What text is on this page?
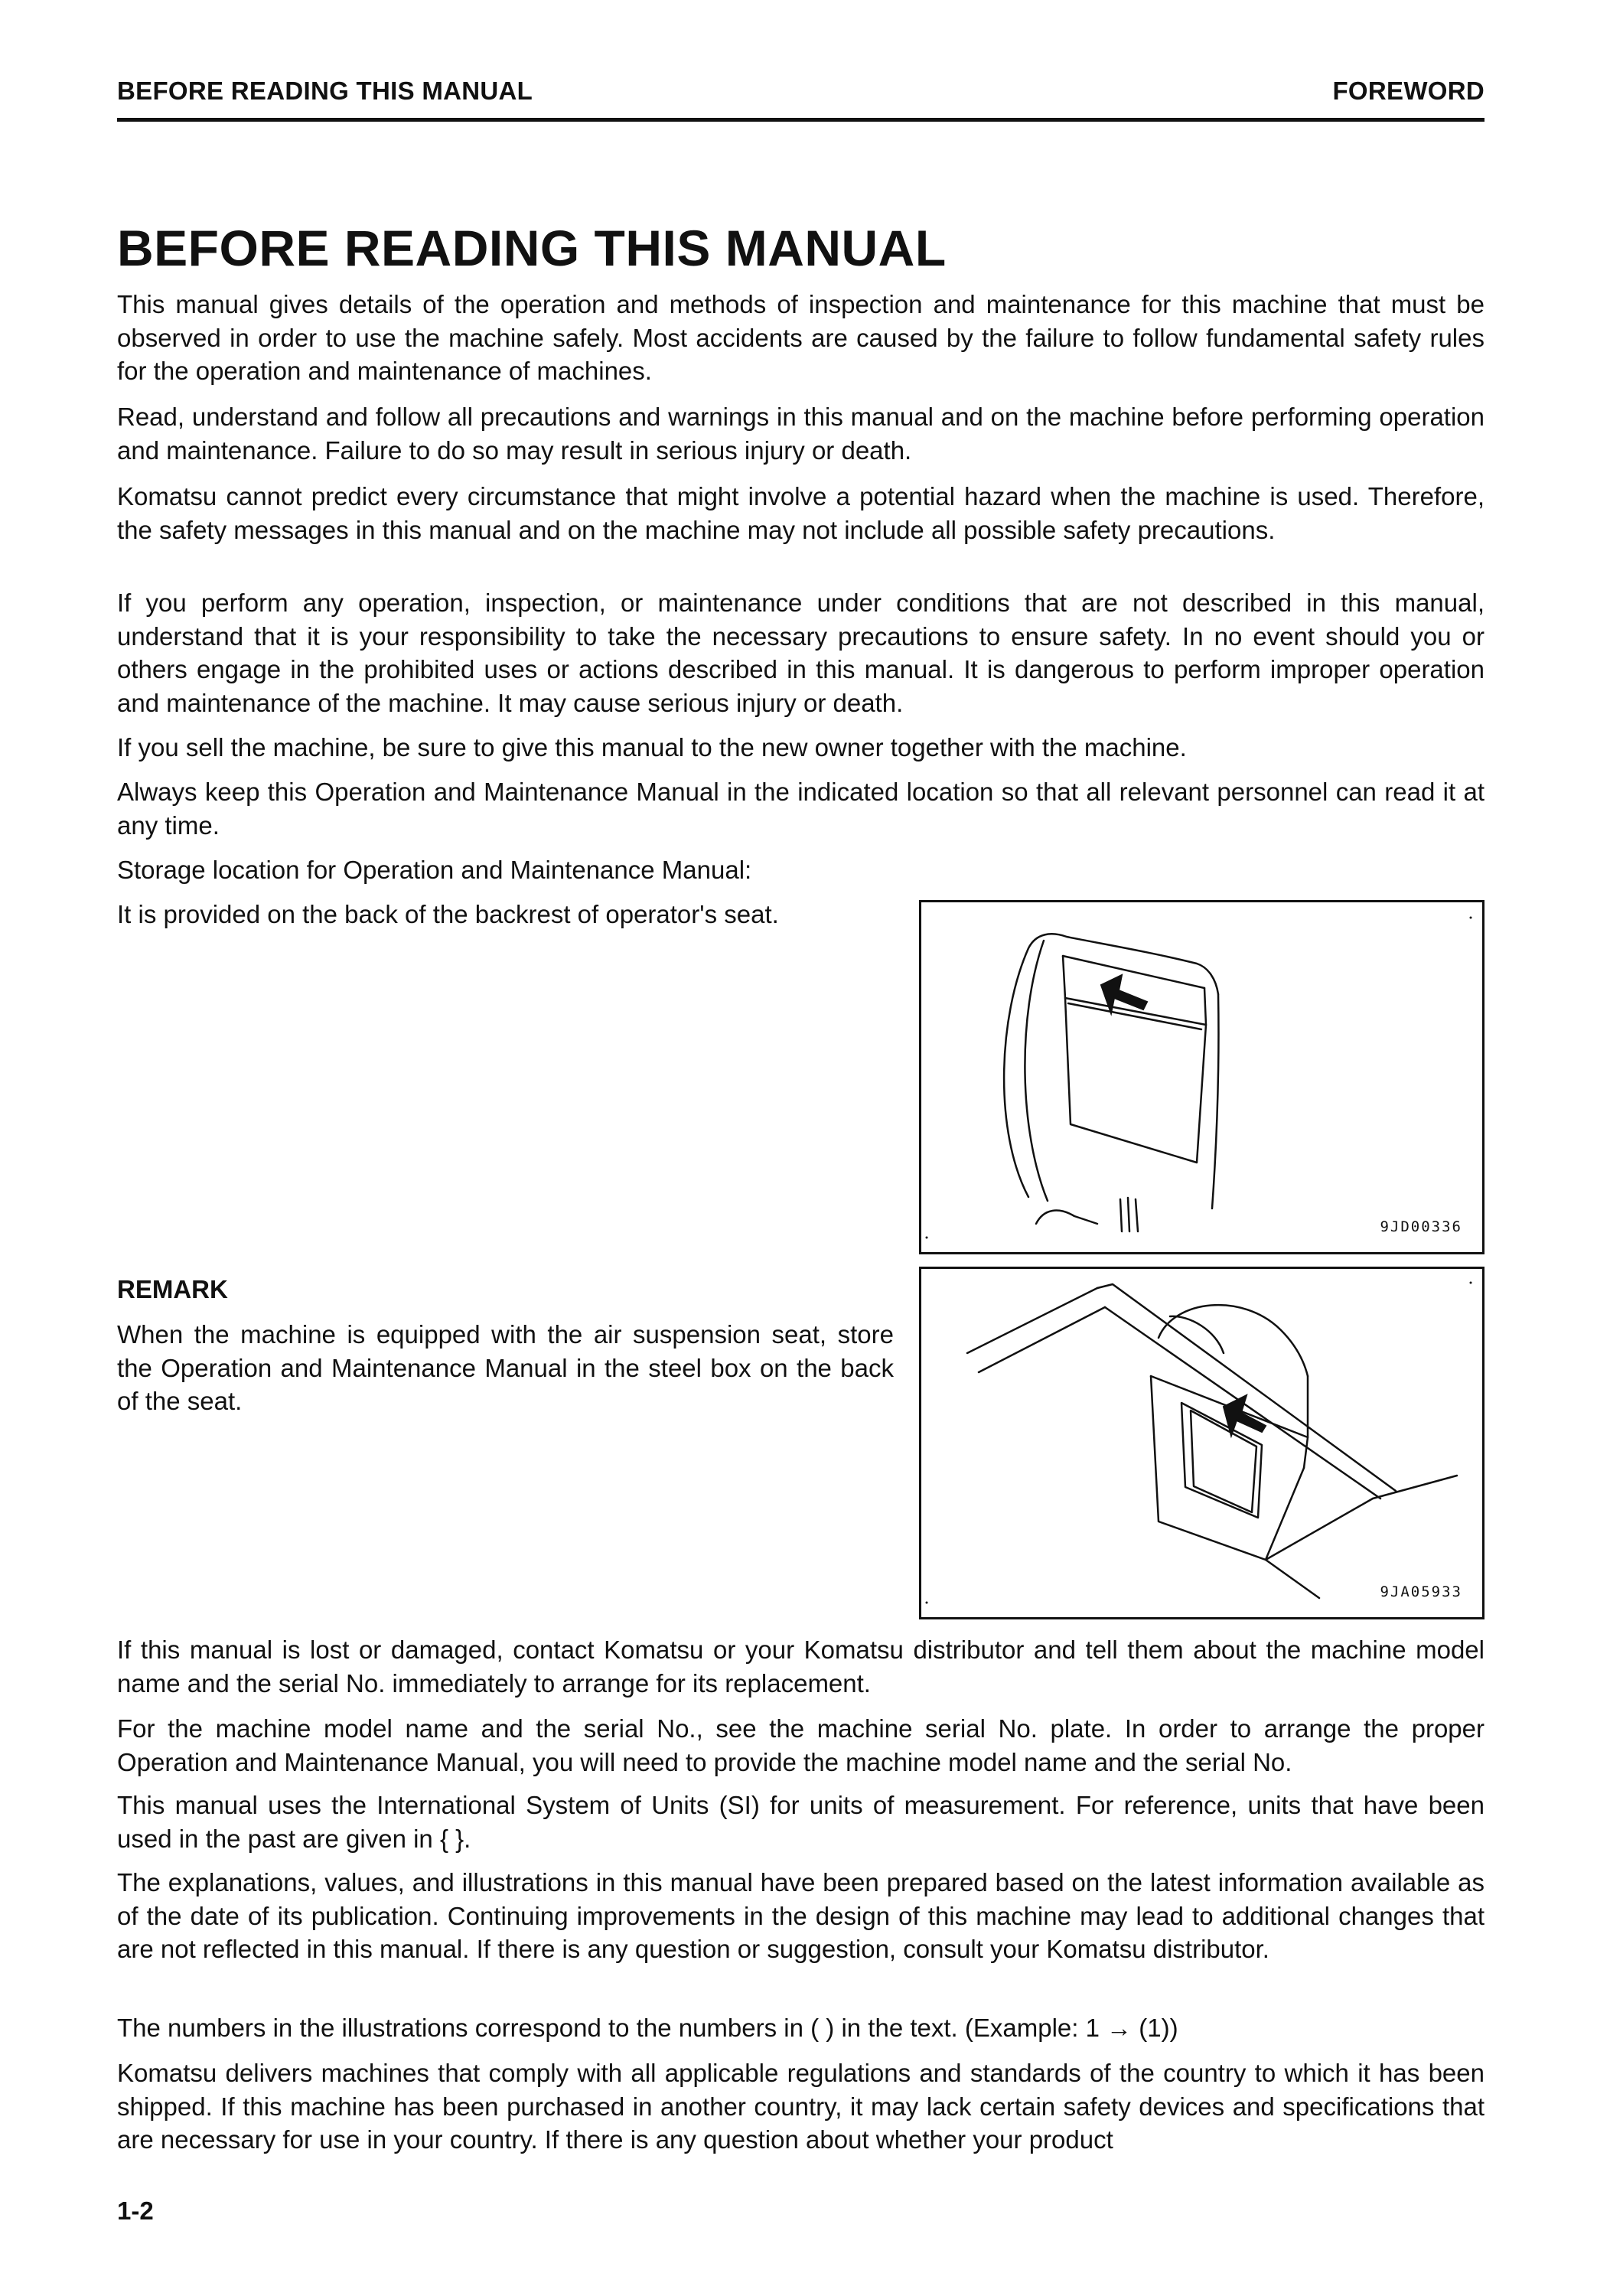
BEFORE READING THIS MANUAL	FOREWORD
BEFORE READING THIS MANUAL

This manual gives details of the operation and methods of inspection and maintenance for this machine that must be observed in order to use the machine safely. Most accidents are caused by the failure to follow fundamental safety rules for the operation and maintenance of machines.

Read, understand and follow all precautions and warnings in this manual and on the machine before performing operation and maintenance. Failure to do so may result in serious injury or death.

Komatsu cannot predict every circumstance that might involve a potential hazard when the machine is used. Therefore, the safety messages in this manual and on the machine may not include all possible safety precautions.

If you perform any operation, inspection, or maintenance under conditions that are not described in this manual, understand that it is your responsibility to take the necessary precautions to ensure safety. In no event should you or others engage in the prohibited uses or actions described in this manual. It is dangerous to perform improper operation and maintenance of the machine. It may cause serious injury or death.

If you sell the machine, be sure to give this manual to the new owner together with the machine.

Always keep this Operation and Maintenance Manual in the indicated location so that all relevant personnel can read it at any time.

Storage location for Operation and Maintenance Manual:

It is provided on the back of the backrest of operator's seat.

9JD00336

REMARK

When the machine is equipped with the air suspension seat, store the Operation and Maintenance Manual in the steel box on the back of the seat.

9JA05933

If this manual is lost or damaged, contact Komatsu or your Komatsu distributor and tell them about the machine model name and the serial No. immediately to arrange for its replacement.

For the machine model name and the serial No., see the machine serial No. plate. In order to arrange the proper Operation and Maintenance Manual, you will need to provide the machine model name and the serial No.

This manual uses the International System of Units (SI) for units of measurement. For reference, units that have been used in the past are given in { }.

The explanations, values, and illustrations in this manual have been prepared based on the latest information available as of the date of its publication. Continuing improvements in the design of this machine may lead to additional changes that are not reflected in this manual. If there is any question or suggestion, consult your Komatsu distributor.

The numbers in the illustrations correspond to the numbers in ( ) in the text. (Example: 1 → (1))

Komatsu delivers machines that comply with all applicable regulations and standards of the country to which it has been shipped. If this machine has been purchased in another country, it may lack certain safety devices and specifications that are necessary for use in your country. If there is any question about whether your product

1-2
